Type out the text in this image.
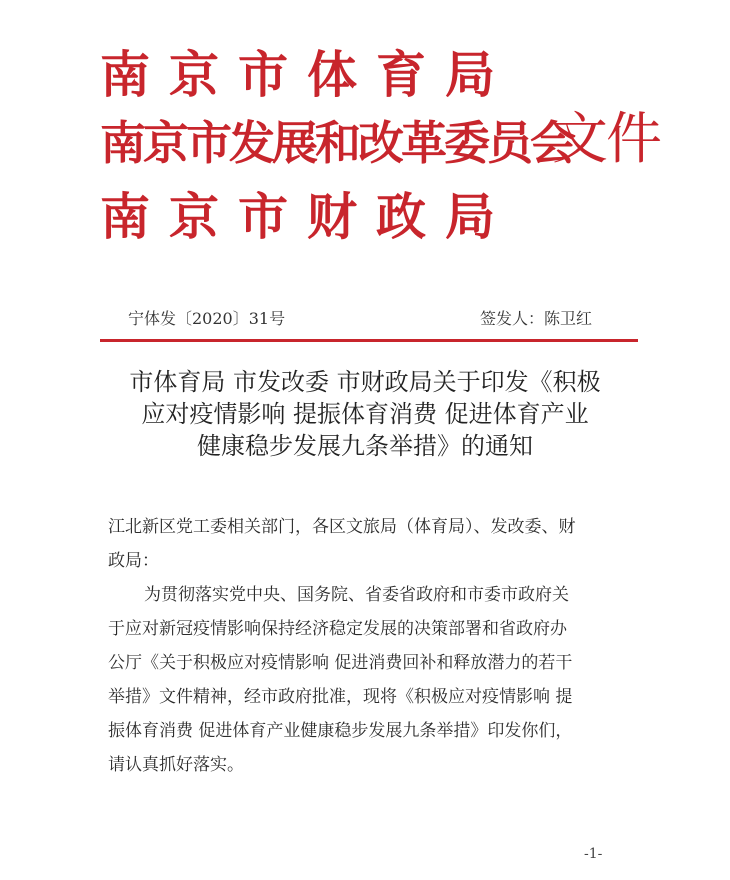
南京市体育局
南京市发展和改革委员会
南京市财政局
文件
宁体发〔2020〕31号	签发人：陈卫红
市体育局 市发改委 市财政局关于印发《积极
应对疫情影响 提振体育消费 促进体育产业
健康稳步发展九条举措》的通知
江北新区党工委相关部门，各区文旅局（体育局）、发改委、财
政局：
为贯彻落实党中央、国务院、省委省政府和市委市政府关
于应对新冠疫情影响保持经济稳定发展的决策部署和省政府办
公厅《关于积极应对疫情影响 促进消费回补和释放潜力的若干
举措》文件精神，经市政府批准，现将《积极应对疫情影响 提
振体育消费 促进体育产业健康稳步发展九条举措》印发你们，
请认真抓好落实。
-1-
